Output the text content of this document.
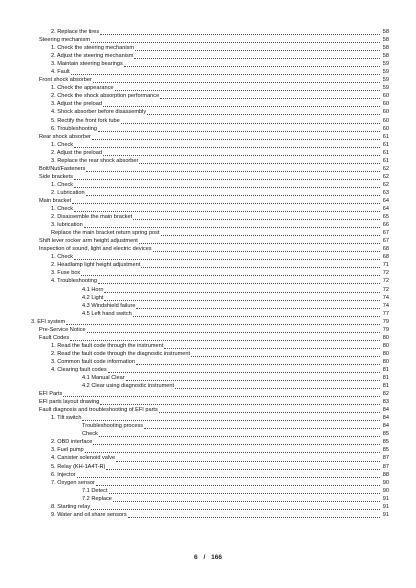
2. Replace the tires	58
Steering mechanism	58
1. Check the steering mechanism	58
2. Adjust the steering mechanism	58
3. Maintain steering bearings	59
4. Fault	59
Front shock absorber	59
1. Check the appearance	59
2. Check the shock absorption performance	60
3. Adjust the preload	60
4. Shock absorber before disassembly	60
5. Rectify the front fork tube	60
6. Troubleshooting	60
Rear shock absorber	61
1. Check	61
2. Adjust the preload	61
3. Replace the rear shock absorber	61
Bolt/Nut/Fasteners	62
Side brackets	62
1. Check	62
2. Lubrication	63
Main bracket	64
1. Check	64
2. Disassemble the main bracket	65
3. lubrication	66
Replace the main bracket return spring post	67
Shift lever rocker arm height adjustment	67
Inspection of sound, light and electric devices	68
1. Check	68
2. Headlamp light height adjustment	71
3. Fuse box	72
4. Troubleshooting	72
4.1 Horn	72
4.2 Light	74
4.3 Windshield failure	74
4.5 Left hand switch	77
3. EFI system	79
Pre-Service Notice	79
Fault Codes	80
1. Read the fault code through the instrument	80
2. Read the fault code through the diagnostic instrument	80
3. Common fault code information	80
4. Clearing fault codes	81
4.1 Manual Clear	81
4.2 Clear using diagnostic instrument	81
EFI Parts	82
EFI parts layout drawing	83
Fault diagnosis and troubleshooting of EFI parts	84
1. Tilt switch	84
Troubleshooting process	84
Check	85
2. OBD interface	85
3. Fuel pump	85
4. Canister solenoid valve	87
5. Relay (KH-1A4T-R)	87
6. Injector	88
7. Oxygen sensor	90
7.1 Detect	90
7.2 Replace	91
8. Starting relay	91
9. Water and oil share sensors	91
6 / 166
